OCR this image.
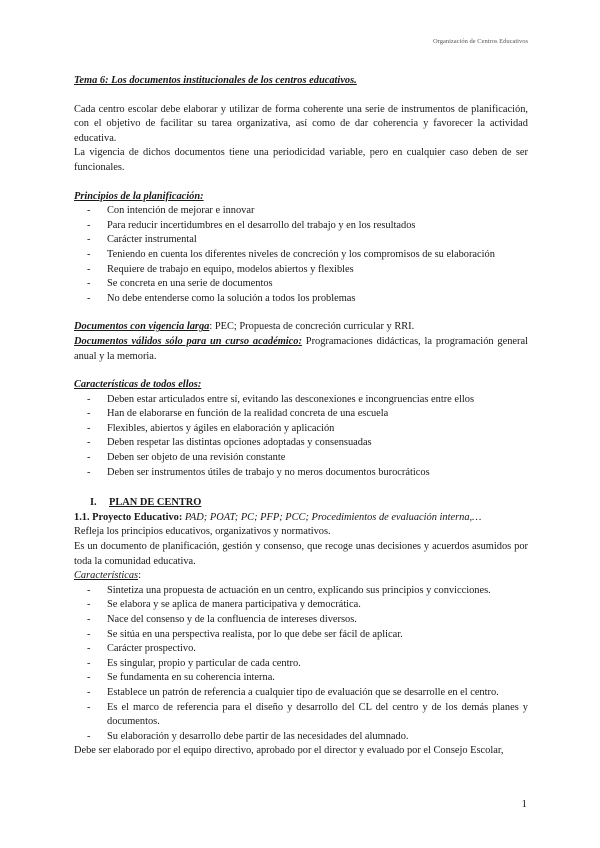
Organización de Centros Educativos

Tema 6: Los documentos institucionales de los centros educativos.

Cada centro escolar debe elaborar y utilizar de forma coherente una serie de instrumentos de planificación, con el objetivo de facilitar su tarea organizativa, así como de dar coherencia y favorecer la actividad educativa.

La vigencia de dichos documentos tiene una periodicidad variable, pero en cualquier caso deben de ser funcionales.

Principios de la planificación:

- Con intención de mejorar e innovar
- Para reducir incertidumbres en el desarrollo del trabajo y en los resultados
- Carácter instrumental
- Teniendo en cuenta los diferentes niveles de concreción y los compromisos de su elaboración
- Requiere de trabajo en equipo, modelos abiertos y flexibles
- Se concreta en una serie de documentos
- No debe entenderse como la solución a todos los problemas

Documentos con vigencia larga: PEC; Propuesta de concreción curricular y RRI.

Documentos válidos sólo para un curso académico: Programaciones didácticas, la programación general anual y la memoria.

Características de todos ellos:

- Deben estar articulados entre sí, evitando las desconexiones e incongruencias entre ellos
- Han de elaborarse en función de la realidad concreta de una escuela
- Flexibles, abiertos y ágiles en elaboración y aplicación
- Deben respetar las distintas opciones adoptadas y consensuadas
- Deben ser objeto de una revisión constante
- Deben ser instrumentos útiles de trabajo y no meros documentos burocráticos

I. PLAN DE CENTRO

1.1. Proyecto Educativo: PAD; POAT; PC; PFP; PCC; Procedimientos de evaluación interna,…

Refleja los principios educativos, organizativos y normativos.

Es un documento de planificación, gestión y consenso, que recoge unas decisiones y acuerdos asumidos por toda la comunidad educativa.

Características:

- Sintetiza una propuesta de actuación en un centro, explicando sus principios y convicciones.
- Se elabora y se aplica de manera participativa y democrática.
- Nace del consenso y de la confluencia de intereses diversos.
- Se sitúa en una perspectiva realista, por lo que debe ser fácil de aplicar.
- Carácter prospectivo.
- Es singular, propio y particular de cada centro.
- Se fundamenta en su coherencia interna.
- Establece un patrón de referencia a cualquier tipo de evaluación que se desarrolle en el centro.
- Es el marco de referencia para el diseño y desarrollo del CL del centro y de los demás planes y documentos.
- Su elaboración y desarrollo debe partir de las necesidades del alumnado.

Debe ser elaborado por el equipo directivo, aprobado por el director y evaluado por el Consejo Escolar,

1
